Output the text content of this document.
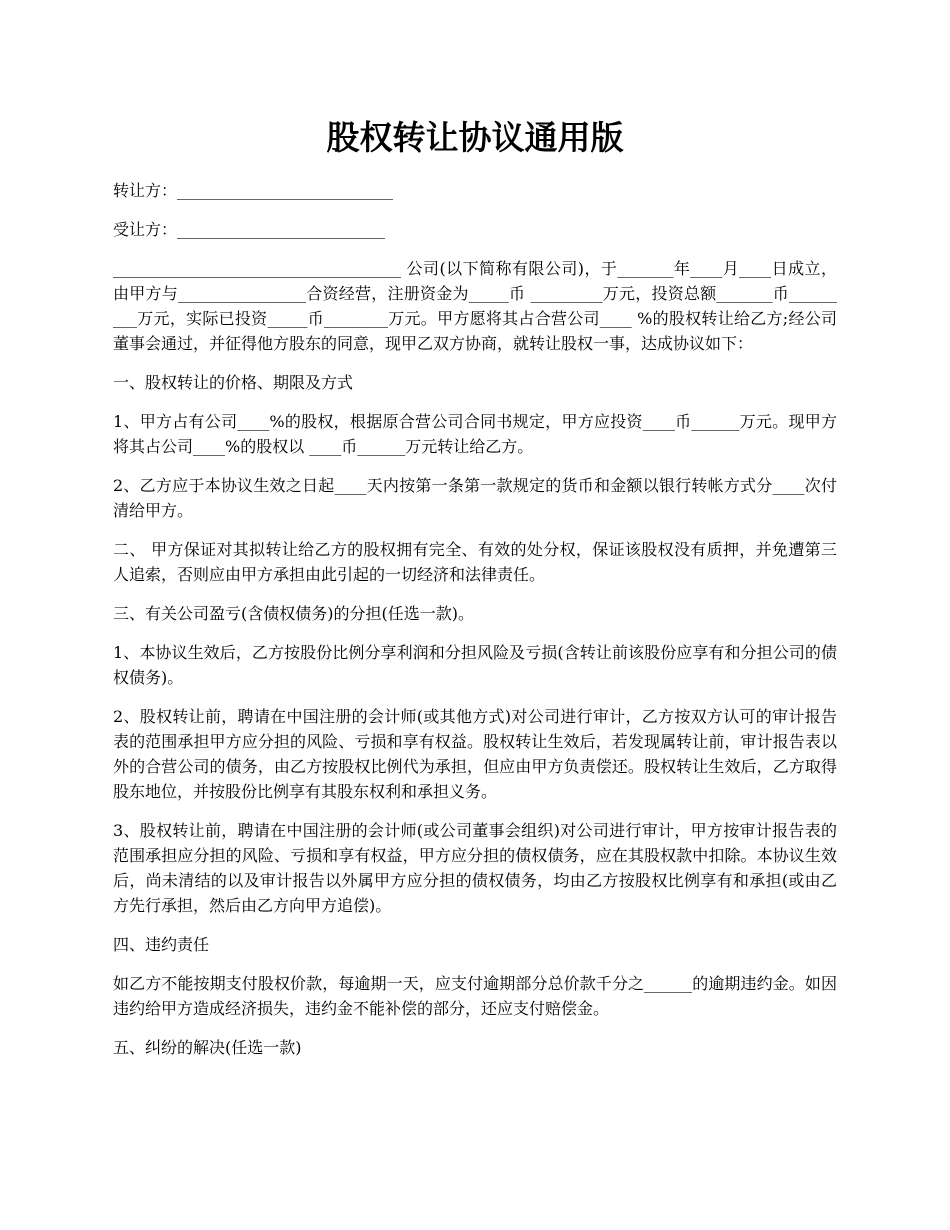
股权转让协议通用版

转让方：___________________________

受让方：__________________________

____________________________________ 公司(以下简称有限公司)，于_______年____月____日成立，由甲方与________________合资经营，注册资金为_____币 _________万元，投资总额_______币_________万元，实际已投资_____币________万元。甲方愿将其占合营公司____ %的股权转让给乙方;经公司董事会通过，并征得他方股东的同意，现甲乙双方协商，就转让股权一事，达成协议如下：

一、股权转让的价格、期限及方式

1、甲方占有公司____%的股权，根据原合营公司合同书规定，甲方应投资____币______万元。现甲方将其占公司____%的股权以 ____币______万元转让给乙方。

2、乙方应于本协议生效之日起____天内按第一条第一款规定的货币和金额以银行转帐方式分____次付清给甲方。

二、 甲方保证对其拟转让给乙方的股权拥有完全、有效的处分权，保证该股权没有质押，并免遭第三人追索，否则应由甲方承担由此引起的一切经济和法律责任。

三、有关公司盈亏(含债权债务)的分担(任选一款)。

1、本协议生效后，乙方按股份比例分享利润和分担风险及亏损(含转让前该股份应享有和分担公司的债权债务)。

2、股权转让前，聘请在中国注册的会计师(或其他方式)对公司进行审计，乙方按双方认可的审计报告表的范围承担甲方应分担的风险、亏损和享有权益。股权转让生效后，若发现属转让前，审计报告表以外的合营公司的债务，由乙方按股权比例代为承担，但应由甲方负责偿还。股权转让生效后，乙方取得股东地位，并按股份比例享有其股东权利和承担义务。

3、股权转让前，聘请在中国注册的会计师(或公司董事会组织)对公司进行审计，甲方按审计报告表的范围承担应分担的风险、亏损和享有权益，甲方应分担的债权债务，应在其股权款中扣除。本协议生效后，尚未清结的以及审计报告以外属甲方应分担的债权债务，均由乙方按股权比例享有和承担(或由乙方先行承担，然后由乙方向甲方追偿)。

四、违约责任

如乙方不能按期支付股权价款，每逾期一天，应支付逾期部分总价款千分之______的逾期违约金。如因违约给甲方造成经济损失，违约金不能补偿的部分，还应支付赔偿金。

五、纠纷的解决(任选一款)
